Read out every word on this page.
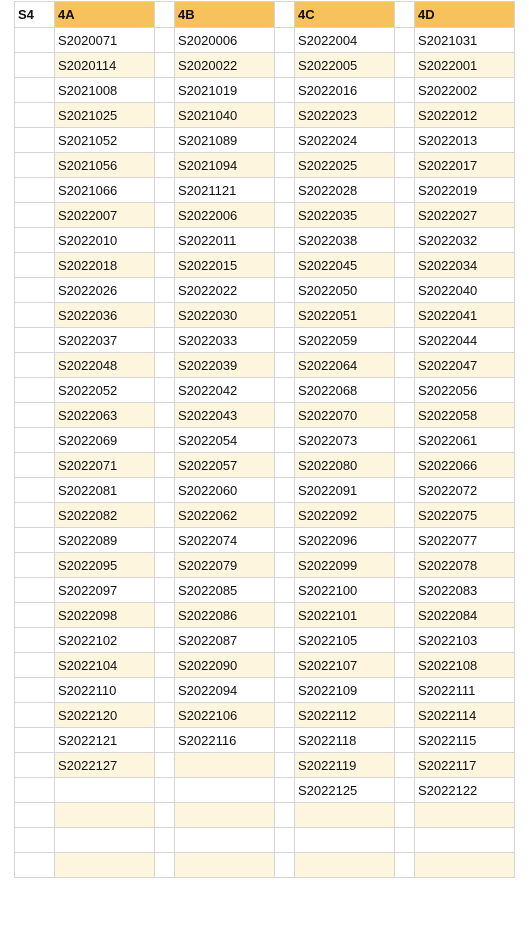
S4	4A		4B		4C		4D
	S2020071		S2020006		S2022004		S2021031
	S2020114		S2020022		S2022005		S2022001
	S2021008		S2021019		S2022016		S2022002
	S2021025		S2021040		S2022023		S2022012
	S2021052		S2021089		S2022024		S2022013
	S2021056		S2021094		S2022025		S2022017
	S2021066		S2021121		S2022028		S2022019
	S2022007		S2022006		S2022035		S2022027
	S2022010		S2022011		S2022038		S2022032
	S2022018		S2022015		S2022045		S2022034
	S2022026		S2022022		S2022050		S2022040
	S2022036		S2022030		S2022051		S2022041
	S2022037		S2022033		S2022059		S2022044
	S2022048		S2022039		S2022064		S2022047
	S2022052		S2022042		S2022068		S2022056
	S2022063		S2022043		S2022070		S2022058
	S2022069		S2022054		S2022073		S2022061
	S2022071		S2022057		S2022080		S2022066
	S2022081		S2022060		S2022091		S2022072
	S2022082		S2022062		S2022092		S2022075
	S2022089		S2022074		S2022096		S2022077
	S2022095		S2022079		S2022099		S2022078
	S2022097		S2022085		S2022100		S2022083
	S2022098		S2022086		S2022101		S2022084
	S2022102		S2022087		S2022105		S2022103
	S2022104		S2022090		S2022107		S2022108
	S2022110		S2022094		S2022109		S2022111
	S2022120		S2022106		S2022112		S2022114
	S2022121		S2022116		S2022118		S2022115
	S2022127				S2022119		S2022117
					S2022125		S2022122
